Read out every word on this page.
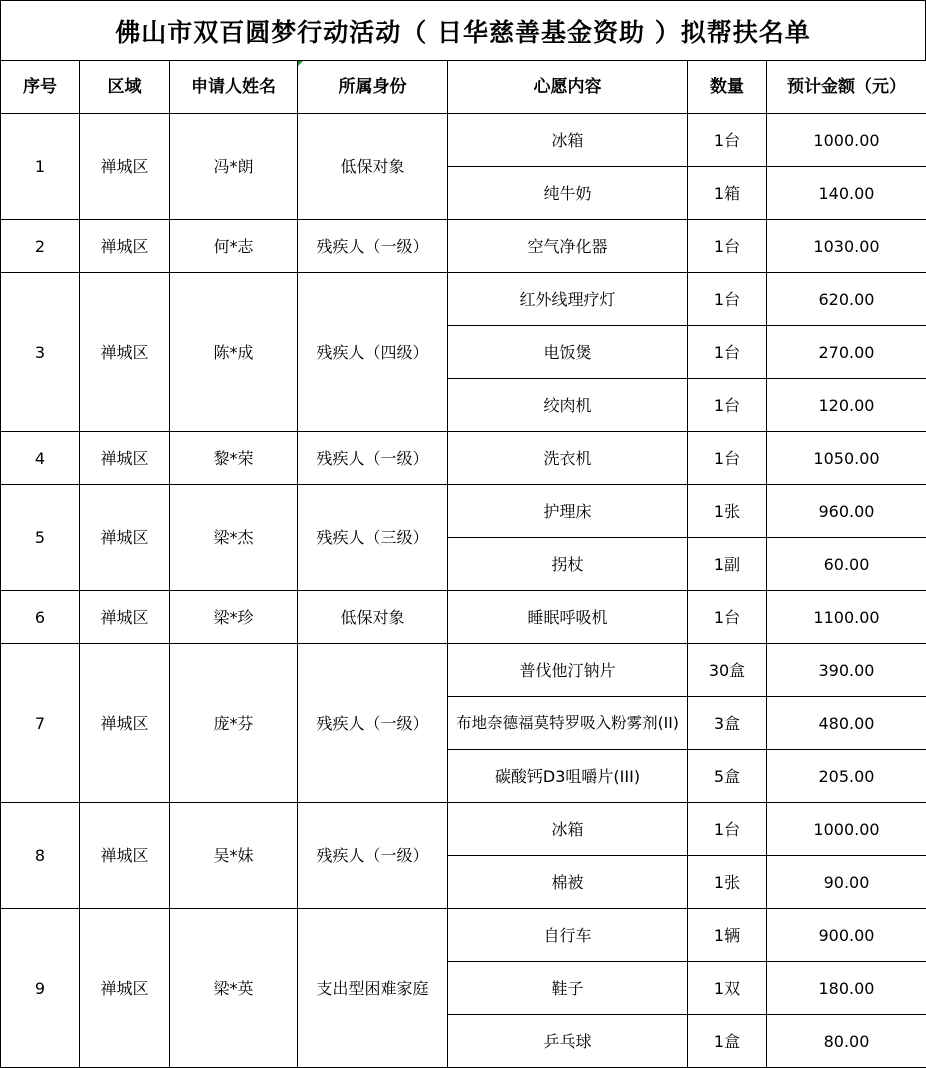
佛山市双百圆梦行动活动（ 日华慈善基金资助 ）拟帮扶名单
序号	区域	申请人姓名	所属身份	心愿内容	数量	预计金额（元）
1	禅城区	冯*朗	低保对象	冰箱	1台	1000.00
				纯牛奶	1箱	140.00
2	禅城区	何*志	残疾人（一级）	空气净化器	1台	1030.00
3	禅城区	陈*成	残疾人（四级）	红外线理疗灯	1台	620.00
				电饭煲	1台	270.00
				绞肉机	1台	120.00
4	禅城区	黎*荣	残疾人（一级）	洗衣机	1台	1050.00
5	禅城区	梁*杰	残疾人（三级）	护理床	1张	960.00
				拐杖	1副	60.00
6	禅城区	梁*珍	低保对象	睡眠呼吸机	1台	1100.00
7	禅城区	庞*芬	残疾人（一级）	普伐他汀钠片	30盒	390.00
				布地奈德福莫特罗吸入粉雾剂(II)	3盒	480.00
				碳酸钙D3咀嚼片(III)	5盒	205.00
8	禅城区	吴*妹	残疾人（一级）	冰箱	1台	1000.00
				棉被	1张	90.00
9	禅城区	梁*英	支出型困难家庭	自行车	1辆	900.00
				鞋子	1双	180.00
				乒乓球	1盒	80.00
